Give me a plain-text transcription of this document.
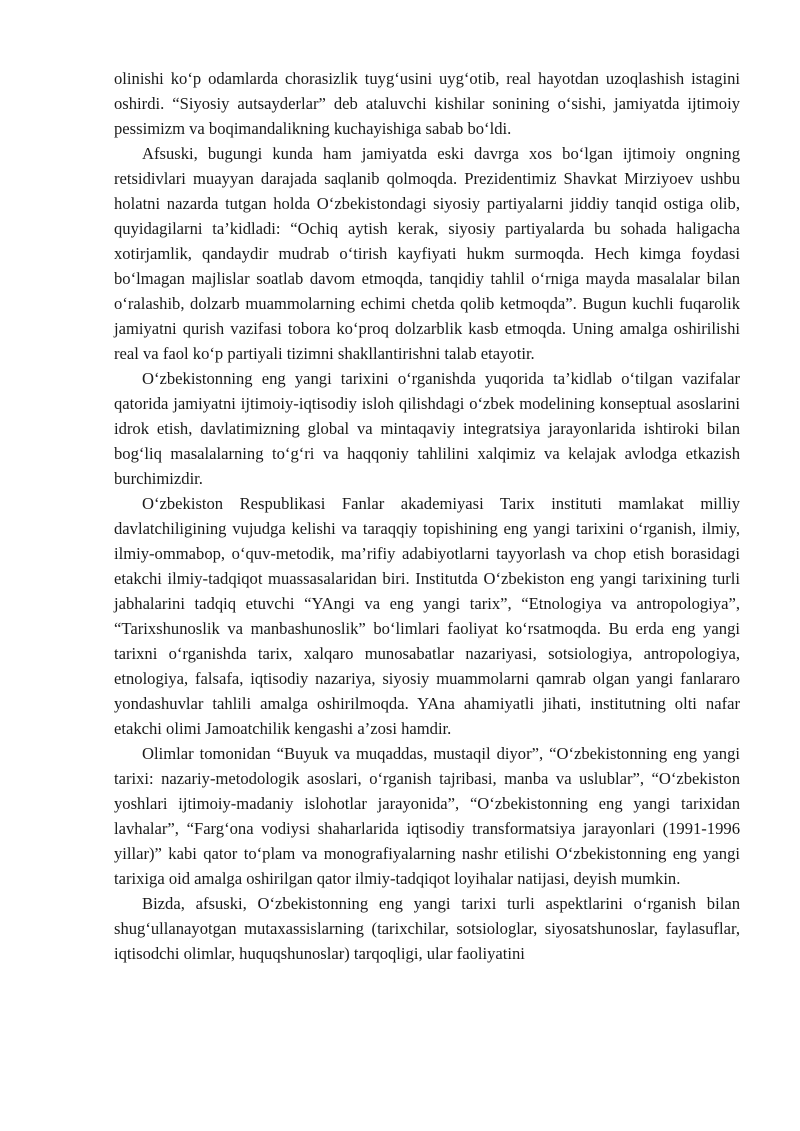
olinishi ko‘p odamlarda chorasizlik tuyg‘usini uyg‘otib, real hayotdan uzoqlashish istagini oshirdi. “Siyosiy autsayderlar” deb ataluvchi kishilar sonining o‘sishi, jamiyatda ijtimoiy pessimizm va boqimandalikning kuchayishiga sabab bo‘ldi.

Afsuski, bugungi kunda ham jamiyatda eski davrga xos bo‘lgan ijtimoiy ongning retsidivlari muayyan darajada saqlanib qolmoqda. Prezidentimiz Shavkat Mirziyoev ushbu holatni nazarda tutgan holda O‘zbekistondagi siyosiy partiyalarni jiddiy tanqid ostiga olib, quyidagilarni ta’kidladi: “Ochiq aytish kerak, siyosiy partiyalarda bu sohada haligacha xotirjamlik, qandaydir mudrab o‘tirish kayfiyati hukm surmoqda. Hech kimga foydasi bo‘lmagan majlislar soatlab davom etmoqda, tanqidiy tahlil o‘rniga mayda masalalar bilan o‘ralashib, dolzarb muammolarning echimi chetda qolib ketmoqda”. Bugun kuchli fuqarolik jamiyatni qurish vazifasi tobora ko‘proq dolzarblik kasb etmoqda. Uning amalga oshirilishi real va faol ko‘p partiyali tizimni shakllantirishni talab etayotir.

O‘zbekistonning eng yangi tarixini o‘rganishda yuqorida ta’kidlab o‘tilgan vazifalar qatorida jamiyatni ijtimoiy-iqtisodiy isloh qilishdagi o‘zbek modelining konseptual asoslarini idrok etish, davlatimizning global va mintaqaviy integratsiya jarayonlarida ishtiroki bilan bog‘liq masalalarning to‘g‘ri va haqqoniy tahlilini xalqimiz va kelajak avlodga etkazish burchimizdir.

O‘zbekiston Respublikasi Fanlar akademiyasi Tarix instituti mamlakat milliy davlatchiligining vujudga kelishi va taraqqiy topishining eng yangi tarixini o‘rganish, ilmiy, ilmiy-ommabop, o‘quv-metodik, ma’rifiy adabiyotlarni tayyorlash va chop etish borasidagi etakchi ilmiy-tadqiqot muassasalaridan biri. Institutda O‘zbekiston eng yangi tarixining turli jabhalarini tadqiq etuvchi “YAngi va eng yangi tarix”, “Etnologiya va antropologiya”, “Tarixshunoslik va manbashunoslik” bo‘limlari faoliyat ko‘rsatmoqda. Bu erda eng yangi tarixni o‘rganishda tarix, xalqaro munosabatlar nazariyasi, sotsiologiya, antropologiya, etnologiya, falsafa, iqtisodiy nazariya, siyosiy muammolarni qamrab olgan yangi fanlararo yondashuvlar tahlili amalga oshirilmoqda. YAna ahamiyatli jihati, institutning olti nafar etakchi olimi Jamoatchilik kengashi a’zosi hamdir.

Olimlar tomonidan “Buyuk va muqaddas, mustaqil diyor”, “O‘zbekistonning eng yangi tarixi: nazariy-metodologik asoslari, o‘rganish tajribasi, manba va uslublar”, “O‘zbekiston yoshlari ijtimoiy-madaniy islohotlar jarayonida”, “O‘zbekistonning eng yangi tarixidan lavhalar”, “Farg‘ona vodiysi shaharlarida iqtisodiy transformatsiya jarayonlari (1991-1996 yillar)” kabi qator to‘plam va monografiyalarning nashr etilishi O‘zbekistonning eng yangi tarixiga oid amalga oshirilgan qator ilmiy-tadqiqot loyihalar natijasi, deyish mumkin.

Bizda, afsuski, O‘zbekistonning eng yangi tarixi turli aspektlarini o‘rganish bilan shug‘ullanayotgan mutaxassislarning (tarixchilar, sotsiologlar, siyosatshunoslar, faylasuflar, iqtisodchi olimlar, huquqshunoslar) tarqoqligi, ular faoliyatini
